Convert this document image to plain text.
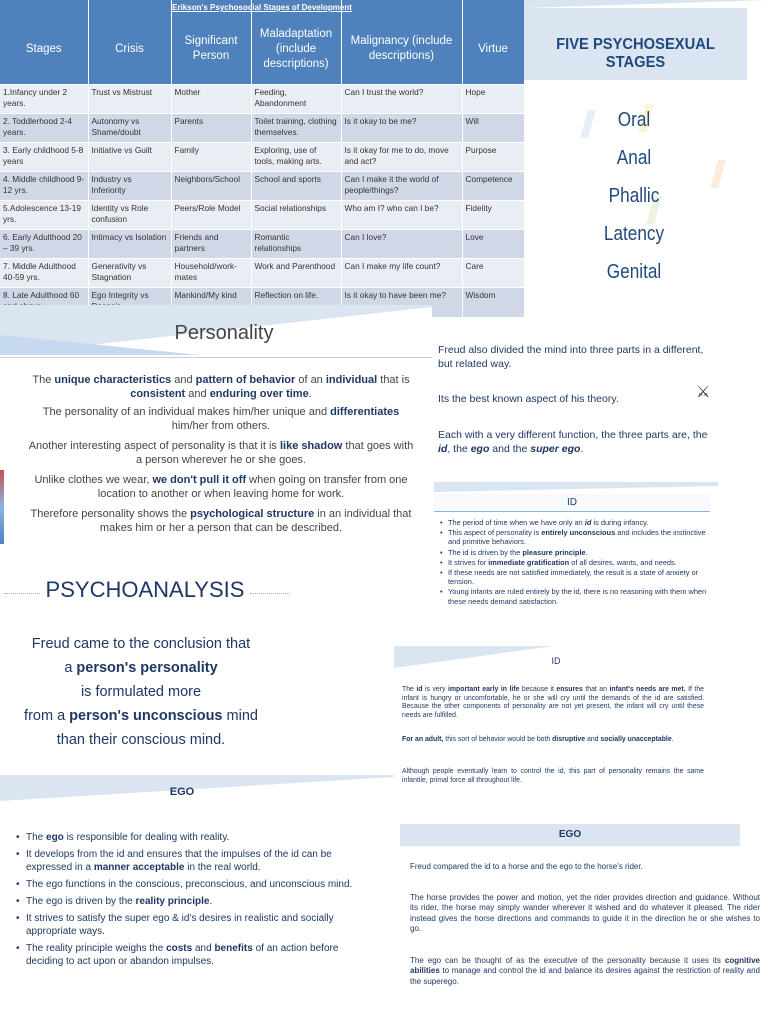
Erikson's Psychosocial Stages of Development
Stages	Crisis	Significant Person	Maladaptation (include descriptions)	Malignancy (include descriptions)	Virtue
1.Infancy under 2 years.	Trust vs Mistrust	Mother	Feeding, Abandonment	Can I trust the world?	Hope
2. Toddlerhood 2-4 years.	Autonomy vs Shame/doubt	Parents	Toilet training, clothing themselves.	Is it okay to be me?	Will
3. Early childhood 5-8 years	Initiative vs Guilt	Family	Exploring, use of tools, making arts.	Is it okay for me to do, move and act?	Purpose
4. Middle childhood 9-12 yrs.	Industry vs Inferiority	Neighbors/School	School and sports	Can I make it the world of people/things?	Competence
5.Adolescence 13-19 yrs.	Identity vs Role confusion	Peers/Role Model	Social relationships	Who am I? who can I be?	Fidelity
6. Early Adulthood 20 – 39 yrs.	Intimacy vs Isolation	Friends and partners	Romantic relationships	Can I love?	Love
7. Middle Adulthood 40-59 yrs.	Generativity vs Stagnation	Household/work-mates	Work and Parenthood	Can I make my life count?	Care
8. Late Adulthood 60	Ego Integrity vs	Mankind/My kind	Reflection on life.	Is it okay to have been me?	Wisdom
FIVE PSYCHOSEXUAL STAGES
Oral
Anal
Phallic
Latency
Genital
Personality
The unique characteristics and pattern of behavior of an individual that is consistent and enduring over time.
The personality of an individual makes him/her unique and differentiates him/her from others.
Another interesting aspect of personality is that it is like shadow that goes with a person wherever he or she goes.
Unlike clothes we wear, we don't pull it off when going on transfer from one location to another or when leaving home for work.
Therefore personality shows the psychological structure in an individual that makes him or her a person that can be described.
PSYCHOANALYSIS
Freud came to the conclusion that
a person's personality
is formulated more
from a person's unconscious mind
than their conscious mind.
EGO
• The ego is responsible for dealing with reality.
• It develops from the id and ensures that the impulses of the id can be expressed in a manner acceptable in the real world.
• The ego functions in the conscious, preconscious, and unconscious mind.
• The ego is driven by the reality principle.
• It strives to satisfy the super ego & id's desires in realistic and socially appropriate ways.
• The reality principle weighs the costs and benefits of an action before deciding to act upon or abandon impulses.
Freud also divided the mind into three parts in a different, but related way.
Its the best known aspect of his theory.	⚔
Each with a very different function, the three parts are, the id, the ego and the super ego.
ID
• The period of time when we have only an id is during infancy.
• This aspect of personality is entirely unconscious and includes the instinctive and primitive behaviors.
• The id is driven by the pleasure principle.
• It strives for immediate gratification of all desires, wants, and needs.
• If these needs are not satisfied immediately, the result is a state of anxiety or tension.
• Young infants are ruled entirely by the id, there is no reasoning with them when these needs demand satisfaction.
ID
The id is very important early in life because it ensures that an infant's needs are met. If the infant is hungry or uncomfortable, he or she will cry until the demands of the id are satisfied. Because the other components of personality are not yet present, the infant will cry until these needs are fulfilled.
For an adult, this sort of behavior would be both disruptive and socially unacceptable.
Although people eventually learn to control the id, this part of personality remains the same infantile, primal force all throughout life.
EGO
Freud compared the id to a horse and the ego to the horse's rider.
The horse provides the power and motion, yet the rider provides direction and guidance. Without its rider, the horse may simply wander wherever it wished and do whatever it pleased. The rider instead gives the horse directions and commands to guide it in the direction he or she wishes to go.
The ego can be thought of as the executive of the personality because it uses its cognitive abilities to manage and control the id and balance its desires against the restriction of reality and the superego.
